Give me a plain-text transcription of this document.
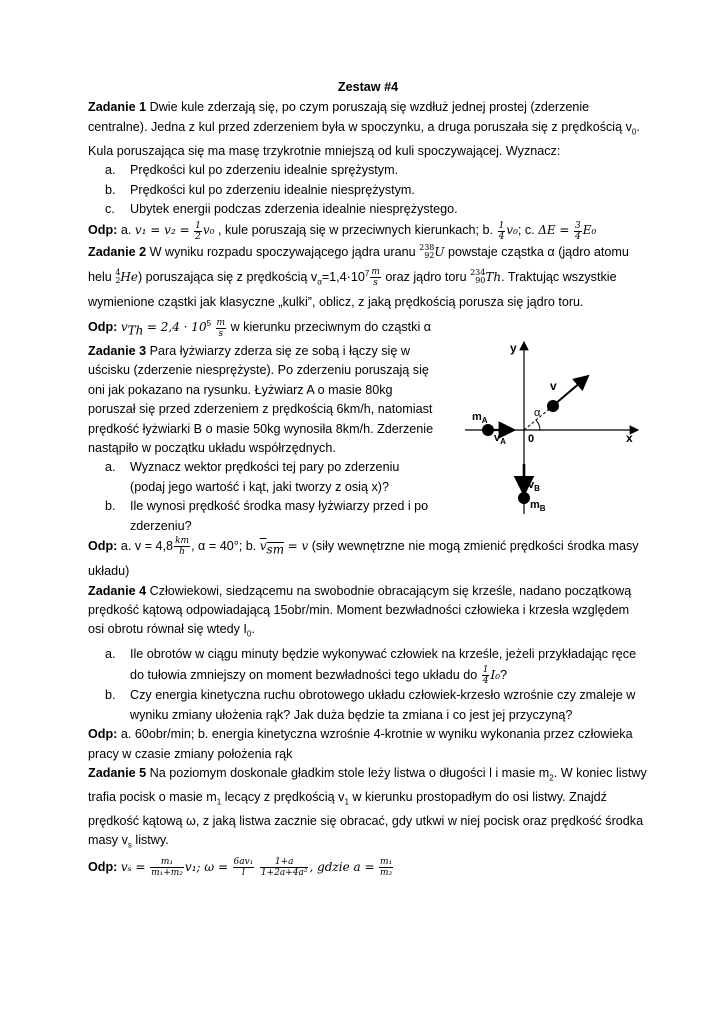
Zestaw #4

Zadanie 1 Dwie kule zderzają się, po czym poruszają się wzdłuż jednej prostej (zderzenie centralne). Jedna z kul przed zderzeniem była w spoczynku, a druga poruszała się z prędkością $v_0$. Kula poruszająca się ma masę trzykrotnie mniejszą od kuli spoczywającej. Wyznacz:

a. Prędkości kul po zderzeniu idealnie sprężystym.
b. Prędkości kul po zderzeniu idealnie niesprężystym.
c. Ubytek energii podczas zderzenia idealnie niesprężystego.

Odp: a. $v_1 = v_2 = \frac{1}{2} v_0$ , kule poruszają się w przeciwnych kierunkach; b. $\frac{1}{4} v_0$; c. $\Delta E = \frac{3}{4} E_0$

Zadanie 2 W wyniku rozpadu spoczywającego jądra uranu 238
92 U powstaje cząstka α (jądro atomu helu 4
2 He) poruszająca się z prędkością $v_\alpha=1,4\cdot 10^7 \frac{m}{s}$ oraz jądro toru 234
90 Th. Traktując wszystkie wymienione cząstki jak klasyczne „kulki”, oblicz, z jaką prędkością porusza się jądro toru.

Odp: $v_{Th} = 2,4 \cdot 10^5 \frac{m}{s}$ w kierunku przeciwnym do cząstki α

Zadanie 3 Para łyżwiarzy zderza się ze sobą i łączy się w uścisku (zderzenie niesprężyste). Po zderzeniu poruszają się oni jak pokazano na rysunku. Łyżwiarz A o masie 80kg poruszał się przed zderzeniem z prędkością 6km/h, natomiast prędkość łyżwiarki B o masie 50kg wynosiła 8km/h. Zderzenie nastąpiło w początku układu współrzędnych.

a. Wyznacz wektor prędkości tej pary po zderzeniu (podaj jego wartość i kąt, jaki tworzy z osią x)?
b. Ile wynosi prędkość środka masy łyżwiarzy przed i po zderzeniu?

Odp: a. $v = 4,8 \frac{km}{h}$ , α = 40°; b. $\overline{v}_{\overline{sm}} = v$ (siły wewnętrzne nie mogą zmienić prędkości środka masy układu)

Zadanie 4 Człowiekowi, siedzącemu na swobodnie obracającym się krześle, nadano początkową prędkość kątową odpowiadającą 15obr/min. Moment bezwładności człowieka i krzesła względem osi obrotu równał się wtedy $I_0$.

a. Ile obrotów w ciągu minuty będzie wykonywać człowiek na krześle, jeżeli przykładając ręce do tułowia zmniejszy on moment bezwładności tego układu do $\frac{1}{4} I_0$?
b. Czy energia kinetyczna ruchu obrotowego układu człowiek-krzesło wzrośnie czy zmaleje w wyniku zmiany ułożenia rąk? Jak duża będzie ta zmiana i co jest jej przyczyną?

Odp: a. 60obr/min; b. energia kinetyczna wzrośnie 4-krotnie w wyniku wykonania przez człowieka pracy w czasie zmiany położenia rąk

Zadanie 5 Na poziomym doskonale gładkim stole leży listwa o długości l i masie $m_2$. W koniec listwy trafia pocisk o masie $m_1$ lecący z prędkością $v_1$ w kierunku prostopadłym do osi listwy. Znajdź prędkość kątową ω, z jaką listwa zacznie się obracać, gdy utkwi w niej pocisk oraz prędkość środka masy $v_s$ listwy.

Odp: $v_s = \frac{\text{m₁}}{\text{m₁+m₂}} v_1$; $\omega = \frac{\text{6av₁}}{l}$
$\frac{1+a}{\text{1+2a+4a²}}$ , gdzie $a = \frac{\text{m₁}}{\text{m₂}}$

y
x
0
v
α
$m_A$
$v_A$
$v_B$
$m_B$
